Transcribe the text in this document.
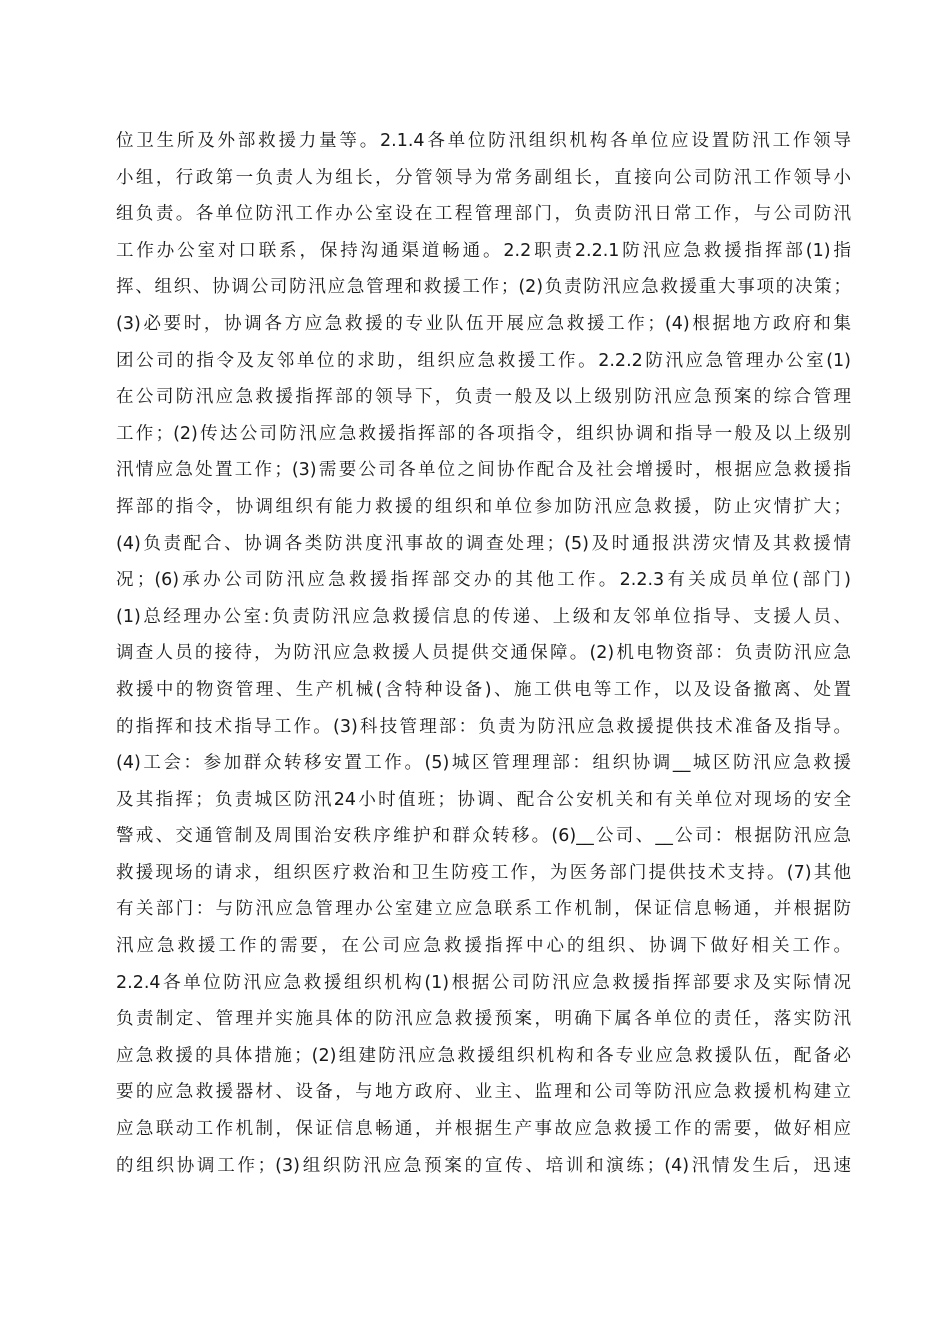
位卫生所及外部救援力量等。2.1.4各单位防汛组织机构各单位应设置防汛工作领导
小组，行政第一负责人为组长，分管领导为常务副组长，直接向公司防汛工作领导小
组负责。各单位防汛工作办公室设在工程管理部门，负责防汛日常工作，与公司防汛
工作办公室对口联系，保持沟通渠道畅通。2.2职责2.2.1防汛应急救援指挥部(1)指
挥、组织、协调公司防汛应急管理和救援工作；(2)负责防汛应急救援重大事项的决策；
(3)必要时，协调各方应急救援的专业队伍开展应急救援工作；(4)根据地方政府和集
团公司的指令及友邻单位的求助，组织应急救援工作。2.2.2防汛应急管理办公室(1)
在公司防汛应急救援指挥部的领导下，负责一般及以上级别防汛应急预案的综合管理
工作；(2)传达公司防汛应急救援指挥部的各项指令，组织协调和指导一般及以上级别
汛情应急处置工作；(3)需要公司各单位之间协作配合及社会增援时，根据应急救援指
挥部的指令，协调组织有能力救援的组织和单位参加防汛应急救援，防止灾情扩大；
(4)负责配合、协调各类防洪度汛事故的调查处理；(5)及时通报洪涝灾情及其救援情
况；(6)承办公司防汛应急救援指挥部交办的其他工作。2.2.3有关成员单位(部门)
(1)总经理办公室:负责防汛应急救援信息的传递、上级和友邻单位指导、支援人员、
调查人员的接待，为防汛应急救援人员提供交通保障。(2)机电物资部：负责防汛应急
救援中的物资管理、生产机械(含特种设备)、施工供电等工作，以及设备撤离、处置
的指挥和技术指导工作。(3)科技管理部：负责为防汛应急救援提供技术准备及指导。
(4)工会：参加群众转移安置工作。(5)城区管理理部：组织协调__城区防汛应急救援
及其指挥；负责城区防汛24小时值班；协调、配合公安机关和有关单位对现场的安全
警戒、交通管制及周围治安秩序维护和群众转移。(6)__公司、__公司：根据防汛应急
救援现场的请求，组织医疗救治和卫生防疫工作，为医务部门提供技术支持。(7)其他
有关部门：与防汛应急管理办公室建立应急联系工作机制，保证信息畅通，并根据防
汛应急救援工作的需要，在公司应急救援指挥中心的组织、协调下做好相关工作。
2.2.4各单位防汛应急救援组织机构(1)根据公司防汛应急救援指挥部要求及实际情况
负责制定、管理并实施具体的防汛应急救援预案，明确下属各单位的责任，落实防汛
应急救援的具体措施；(2)组建防汛应急救援组织机构和各专业应急救援队伍，配备必
要的应急救援器材、设备，与地方政府、业主、监理和公司等防汛应急救援机构建立
应急联动工作机制，保证信息畅通，并根据生产事故应急救援工作的需要，做好相应
的组织协调工作；(3)组织防汛应急预案的宣传、培训和演练；(4)汛情发生后，迅速
